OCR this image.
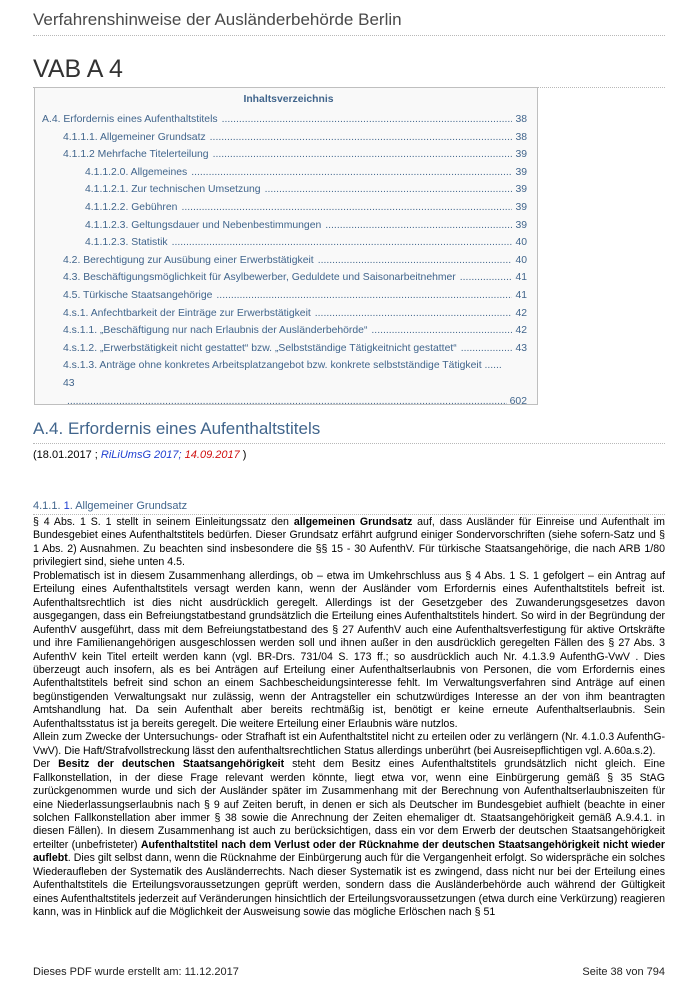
Verfahrenshinweise der Ausländerbehörde Berlin
VAB A 4
Inhaltsverzeichnis
A.4. Erfordernis eines Aufenthaltstitels .....	38
4.1.1.1. Allgemeiner Grundsatz .....	38
4.1.1.2 Mehrfache Titelerteilung .....	39
4.1.1.2.0. Allgemeines .....	39
4.1.1.2.1. Zur technischen Umsetzung .....	39
4.1.1.2.2. Gebühren .....	39
4.1.1.2.3. Geltungsdauer und Nebenbestimmungen .....	39
4.1.1.2.3. Statistik .....	40
4.2. Berechtigung zur Ausübung einer Erwerbstätigkeit .....	40
4.3. Beschäftigungsmöglichkeit für Asylbewerber, Geduldete und Saisonarbeitnehmer .....	41
4.5. Türkische Staatsangehörige .....	41
4.s.1. Anfechtbarkeit der Einträge zur Erwerbstätigkeit .....	42
4.s.1.1. „Beschäftigung nur nach Erlaubnis der Ausländerbehörde“ .....	42
4.s.1.2. „Erwerbstätigkeit nicht gestattet“ bzw. „Selbstständige Tätigkeitnicht gestattet“ .....	43
4.s.1.3. Anträge ohne konkretes Arbeitsplatzangebot bzw. konkrete selbstständige Tätigkeit ......
43
.....
602
A.4. Erfordernis eines Aufenthaltstitels
(18.01.2017 ; RiLiUmsG 2017; 14.09.2017 )
4.1.1. 1. Allgemeiner Grundsatz

§ 4 Abs. 1 S. 1 stellt in seinem Einleitungssatz den allgemeinen Grundsatz auf, dass Ausländer für Einreise und Aufenthalt im Bundesgebiet eines Aufenthaltstitels bedürfen. Dieser Grundsatz erfährt aufgrund einiger Sondervorschriften (siehe sofern-Satz und § 1 Abs. 2) Ausnahmen. Zu beachten sind insbesondere die §§ 15 - 30 AufenthV. Für türkische Staatsangehörige, die nach ARB 1/80 privilegiert sind, siehe unten 4.5.

Problematisch ist in diesem Zusammenhang allerdings, ob – etwa im Umkehrschluss aus § 4 Abs. 1 S. 1 gefolgert – ein Antrag auf Erteilung eines Aufenthaltstitels versagt werden kann, wenn der Ausländer vom Erfordernis eines Aufenthaltstitels befreit ist. Aufenthaltsrechtlich ist dies nicht ausdrücklich geregelt. Allerdings ist der Gesetzgeber des Zuwanderungsgesetzes davon ausgegangen, dass ein Befreiungstatbestand grundsätzlich die Erteilung eines Aufenthaltstitels hindert. So wird in der Begründung der AufenthV ausgeführt, dass mit dem Befreiungstatbestand des § 27 AufenthV auch eine Aufenthaltsverfestigung für aktive Ortskräfte und ihre Familienangehörigen ausgeschlossen werden soll und ihnen außer in den ausdrücklich geregelten Fällen des § 27 Abs. 3 AufenthV kein Titel erteilt werden kann (vgl. BR-Drs. 731/04 S. 173 ff.; so ausdrücklich auch Nr. 4.1.3.9 AufenthG-VwV . Dies überzeugt auch insofern, als es bei Anträgen auf Erteilung einer Aufenthaltserlaubnis von Personen, die vom Erfordernis eines Aufenthaltstitels befreit sind schon an einem Sachbescheidungsinteresse fehlt. Im Verwaltungsverfahren sind Anträge auf einen begünstigenden Verwaltungsakt nur zulässig, wenn der Antragsteller ein schutzwürdiges Interesse an der von ihm beantragten Amtshandlung hat. Da sein Aufenthalt aber bereits rechtmäßig ist, benötigt er keine erneute Aufenthaltserlaubnis. Sein Aufenthaltsstatus ist ja bereits geregelt. Die weitere Erteilung einer Erlaubnis wäre nutzlos.

Allein zum Zwecke der Untersuchungs- oder Strafhaft ist ein Aufenthaltstitel nicht zu erteilen oder zu verlängern (Nr. 4.1.0.3 AufenthG-VwV). Die Haft/Strafvollstreckung lässt den aufenthaltsrechtlichen Status allerdings unberührt (bei Ausreisepflichtigen vgl. A.60a.s.2).

Der Besitz der deutschen Staatsangehörigkeit steht dem Besitz eines Aufenthaltstitels grundsätzlich nicht gleich. Eine Fallkonstellation, in der diese Frage relevant werden könnte, liegt etwa vor, wenn eine Einbürgerung gemäß § 35 StAG zurückgenommen wurde und sich der Ausländer später im Zusammenhang mit der Berechnung von Aufenthaltserlaubniszeiten für eine Niederlassungserlaubnis nach § 9 auf Zeiten beruft, in denen er sich als Deutscher im Bundesgebiet aufhielt (beachte in einer solchen Fallkonstellation aber immer § 38 sowie die Anrechnung der Zeiten ehemaliger dt. Staatsangehörigkeit gemäß A.9.4.1. in diesen Fällen). In diesem Zusammenhang ist auch zu berücksichtigen, dass ein vor dem Erwerb der deutschen Staatsangehörigkeit erteilter (unbefristeter) Aufenthaltstitel nach dem Verlust oder der Rücknahme der deutschen Staatsangehörigkeit nicht wieder auflebt. Dies gilt selbst dann, wenn die Rücknahme der Einbürgerung auch für die Vergangenheit erfolgt. So widerspräche ein solches Wiederaufleben der Systematik des Ausländerrechts. Nach dieser Systematik ist es zwingend, dass nicht nur bei der Erteilung eines Aufenthaltstitels die Erteilungsvoraussetzungen geprüft werden, sondern dass die Ausländerbehörde auch während der Gültigkeit eines Aufenthaltstitels jederzeit auf Veränderungen hinsichtlich der Erteilungsvoraussetzungen (etwa durch eine Verkürzung) reagieren kann, was in Hinblick auf die Möglichkeit der Ausweisung sowie das mögliche Erlöschen nach § 51

Dieses PDF wurde erstellt am: 11.12.2017	Seite 38 von 794
